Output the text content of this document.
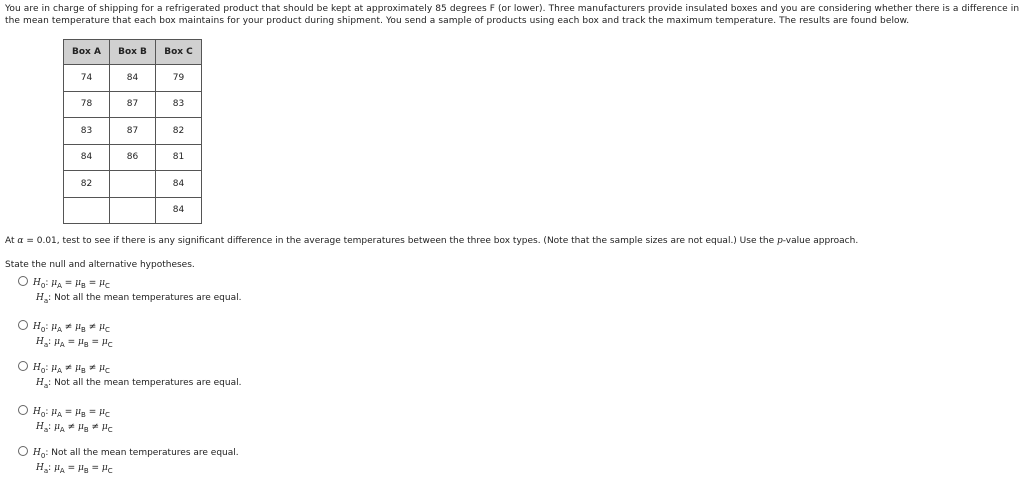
You are in charge of shipping for a refrigerated product that should be kept at approximately 85 degrees F (or lower). Three manufacturers provide insulated boxes and you are considering whether there is a difference in the mean temperature that each box maintains for your product during shipment. You send a sample of products using each box and track the maximum temperature. The results are found below.
Box A	Box B	Box C
74	84	79
78	87	83
83	87	82
84	86	81
82		84
		84
At α = 0.01, test to see if there is any significant difference in the average temperatures between the three box types. (Note that the sample sizes are not equal.) Use the p-value approach.
State the null and alternative hypotheses.
$H_0$: $\mu_A = \mu_B = \mu_C$
$H_a$: Not all the mean temperatures are equal.
$H_0$: $\mu_A \ne \mu_B \ne \mu_C$
$H_a$: $\mu_A = \mu_B = \mu_C$
$H_0$: $\mu_A \ne \mu_B \ne \mu_C$
$H_a$: Not all the mean temperatures are equal.
$H_0$: $\mu_A = \mu_B = \mu_C$
$H_a$: $\mu_A \ne \mu_B \ne \mu_C$
$H_0$: Not all the mean temperatures are equal.
$H_a$: $\mu_A = \mu_B = \mu_C$
